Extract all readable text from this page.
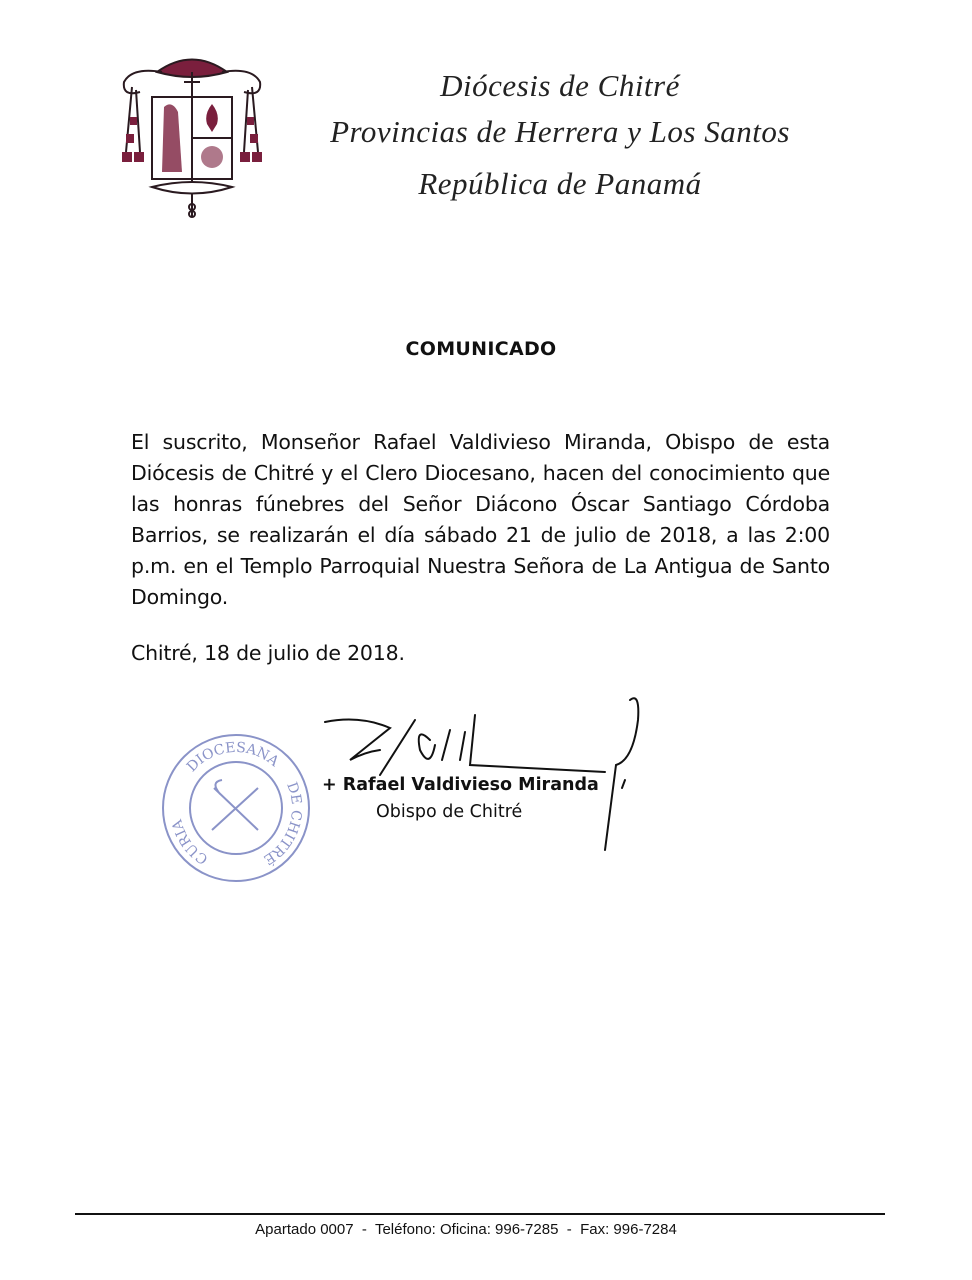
Diócesis de Chitré
Provincias de Herrera y Los Santos
República de Panamá
COMUNICADO
El suscrito, Monseñor Rafael Valdivieso Miranda, Obispo de esta Diócesis de Chitré y el Clero Diocesano, hacen del conocimiento que las honras fúnebres del Señor Diácono Óscar Santiago Córdoba Barrios, se realizarán el día sábado 21 de julio de 2018, a las 2:00 p.m. en el Templo Parroquial Nuestra Señora de La Antigua de Santo Domingo.
Chitré, 18 de julio de 2018.
DIOCESANA
DE CHITRÉ
CURIA
+ Rafael Valdivieso Miranda
Obispo de Chitré
Apartado 0007  -  Teléfono: Oficina: 996-7285  -  Fax: 996-7284
